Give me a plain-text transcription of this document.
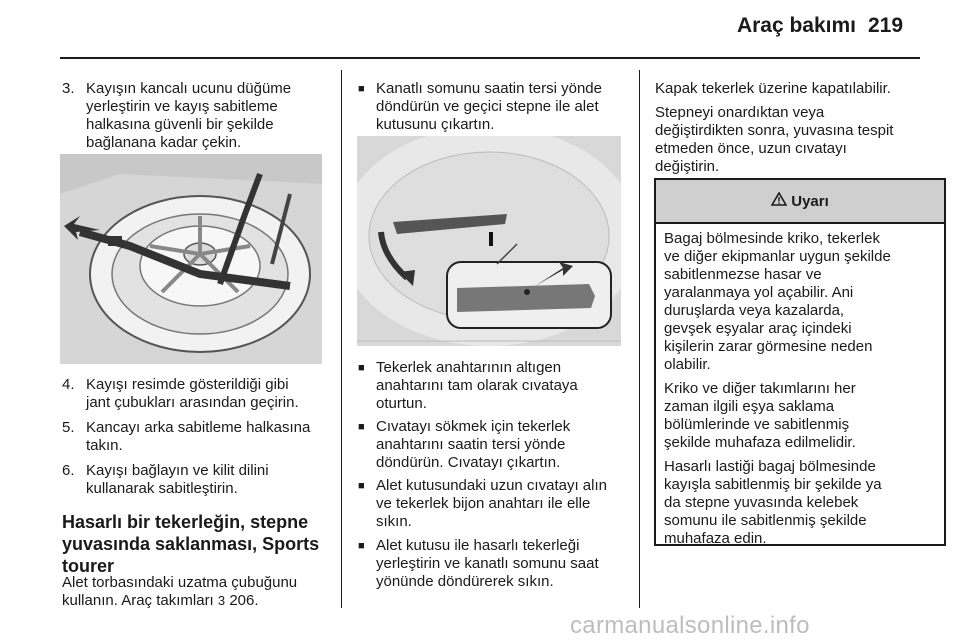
Araç bakımı 219
3. Kayışın kancalı ucunu düğüme
yerleştirin ve kayış sabitleme
halkasına güvenli bir şekilde
bağlanana kadar çekin.
4. Kayışı resimde gösterildiği gibi
jant çubukları arasından geçirin.
5. Kancayı arka sabitleme halkasına
takın.
6. Kayışı bağlayın ve kilit dilini
kullanarak sabitleştirin.
Hasarlı bir tekerleğin, stepne
yuvasında saklanması, Sports
tourer
Alet torbasındaki uzatma çubuğunu
kullanın. Araç takımları 3 206.
■ Kanatlı somunu saatin tersi yönde
döndürün ve geçici stepne ile alet
kutusunu çıkartın.
■ Tekerlek anahtarının altıgen
anahtarını tam olarak cıvataya
oturtun.
■ Cıvatayı sökmek için tekerlek
anahtarını saatin tersi yönde
döndürün. Cıvatayı çıkartın.
■ Alet kutusundaki uzun cıvatayı alın
ve tekerlek bijon anahtarı ile elle
sıkın.
■ Alet kutusu ile hasarlı tekerleği
yerleştirin ve kanatlı somunu saat
yönünde döndürerek sıkın.
Kapak tekerlek üzerine kapatılabilir.
Stepneyi onardıktan veya
değiştirdikten sonra, yuvasına tespit
etmeden önce, uzun cıvatayı
değiştirin.
Uyarı

Bagaj bölmesinde kriko, tekerlek
ve diğer ekipmanlar uygun şekilde
sabitlenmezse hasar ve
yaralanmaya yol açabilir. Ani
duruşlarda veya kazalarda,
gevşek eşyalar araç içindeki
kişilerin zarar görmesine neden
olabilir.

Kriko ve diğer takımlarını her
zaman ilgili eşya saklama
bölümlerinde ve sabitlenmiş
şekilde muhafaza edilmelidir.

Hasarlı lastiği bagaj bölmesinde
kayışla sabitlenmiş bir şekilde ya
da stepne yuvasında kelebek
somunu ile sabitlenmiş şekilde
muhafaza edin.

carmanualsonline.info
